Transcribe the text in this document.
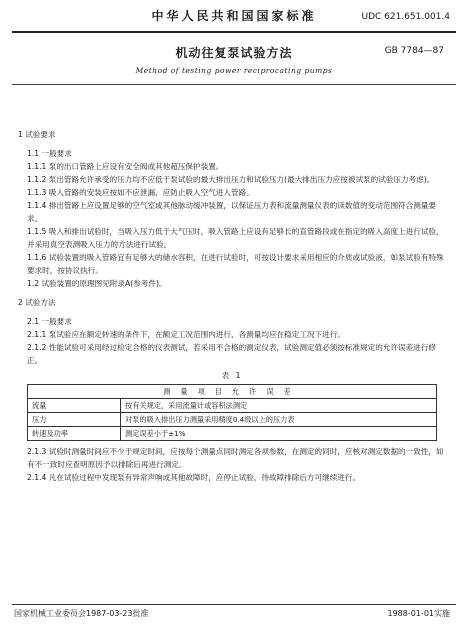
中华人民共和国国家标准	UDC 621.651.001.4
机动往复泵试验方法	GB 7784—87
Method of testing power reciprocating pumps

1 试验要求

1.1 一般要求

1.1.1 泵的出口管路上应设有安全阀或其他超压保护装置。

1.1.2 泵出管路允许承受的压力均不应低于泵试验的最大排出压力和试验压力(最大排出压力应按被试泵的试验压力考虑)。

1.1.3 吸入管路的安装应按如不应泄漏，应防止吸入空气进入管路。

1.1.4 排出管路上应设置足够的空气室或其他脉动缓冲装置，以保证压力表和流量测量仪表的读数值的变动范围符合测量要求。

1.1.5 吸入和排出试验时，当吸入压力低于大气压时，吸入管路上应设有足够长的直管路段或在指定的吸入高度上进行试验，并采用真空表测吸入压力的方法进行试验。

1.1.6 试验装置的吸入管路宜有足够大的储水容积，在进行试验时，可按设计要求采用相应的介质或试验液，如泵试验有特殊要求时，按协议执行。

1.2 试验装置的原理图见附录A(参考件)。

2 试验方法

2.1 一般要求

2.1.1 泵试验应在额定转速的条件下，在额定工况范围内进行，各测量均应在稳定工况下进行。

2.1.2 性能试验可采用经过检定合格的仪表测试，若采用不合格的测定仪表，试验测定值必须按标准规定的允许误差进行修正。

表 1

测量项目允许误差	
流量	按有关规定，采用流量计或容积法测定
压力	对泵的吸入排出压力测量采用精度0.4级以上的压力表
转速及功率	测定误差小于±1%

2.1.3 试验时测量时间应不少于规定时间，应按每个测量点同时测定各项参数，在测定的同时，应核对测定数据的一致性，如有不一致时应查明原因予以排除后再进行测定。

2.1.4 凡在试验过程中发现泵有异常声响或其他故障时，应停止试验，待故障排除后方可继续进行。

国家机械工业委员会1987-03-23批准	1988-01-01实施
